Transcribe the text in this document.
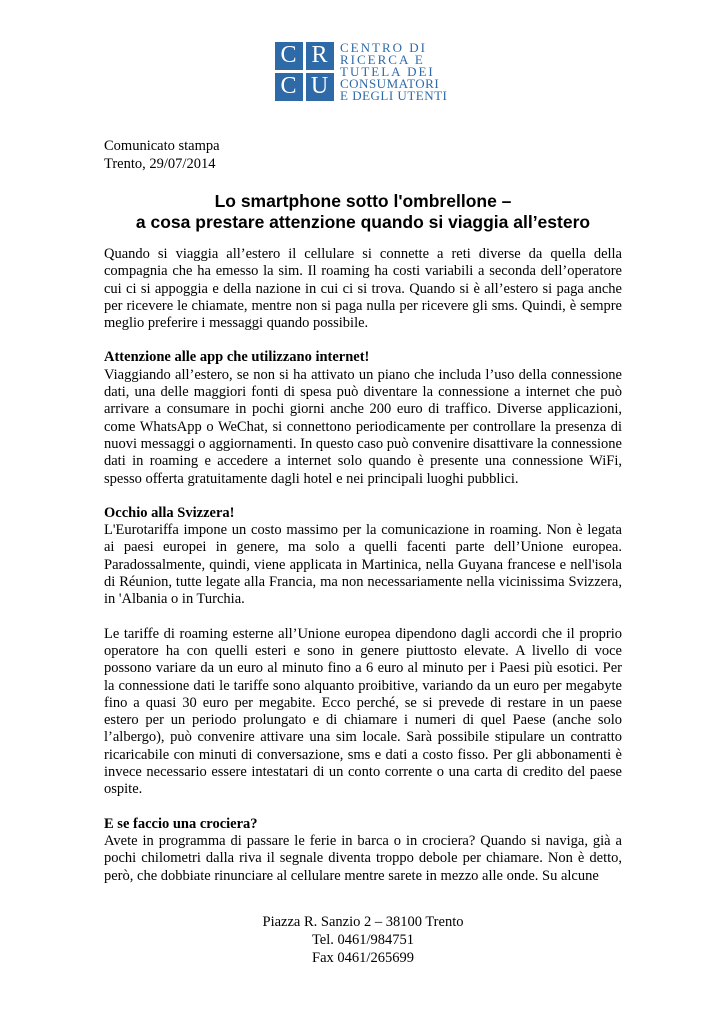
C R
C U
CENTRO DI
RICERCA E
TUTELA DEI
CONSUMATORI
E DEGLI UTENTI
Comunicato stampa
Trento, 29/07/2014
Lo smartphone sotto l'ombrellone –
a cosa prestare attenzione quando si viaggia all’estero

Quando si viaggia all’estero il cellulare si connette a reti diverse da quella della compagnia che ha emesso la sim. Il roaming ha costi variabili a seconda dell’operatore cui ci si appoggia e della nazione in cui ci si trova. Quando si è all’estero si paga anche per ricevere le chiamate, mentre non si paga nulla per ricevere gli sms. Quindi, è sempre meglio preferire i messaggi quando possibile.

Attenzione alle app che utilizzano internet!

Viaggiando all’estero, se non si ha attivato un piano che includa l’uso della connessione dati, una delle maggiori fonti di spesa può diventare la connessione a internet che può arrivare a consumare in pochi giorni anche 200 euro di traffico. Diverse applicazioni, come WhatsApp o WeChat, si connettono periodicamente per controllare la presenza di nuovi messaggi o aggiornamenti. In questo caso può convenire disattivare la connessione dati in roaming e accedere a internet solo quando è presente una connessione WiFi, spesso offerta gratuitamente dagli hotel e nei principali luoghi pubblici.

Occhio alla Svizzera!

L'Eurotariffa impone un costo massimo per la comunicazione in roaming. Non è legata ai paesi europei in genere, ma solo a quelli facenti parte dell’Unione europea. Paradossalmente, quindi, viene applicata in Martinica, nella Guyana francese e nell'isola di Réunion, tutte legate alla Francia, ma non necessariamente nella vicinissima Svizzera, in 'Albania o in Turchia.

Le tariffe di roaming esterne all’Unione europea dipendono dagli accordi che il proprio operatore ha con quelli esteri e sono in genere piuttosto elevate. A livello di voce possono variare da un euro al minuto fino a 6 euro al minuto per i Paesi più esotici. Per la connessione dati le tariffe sono alquanto proibitive, variando da un euro per megabyte fino a quasi 30 euro per megabite. Ecco perché, se si prevede di restare in un paese estero per un periodo prolungato e di chiamare i numeri di quel Paese (anche solo l’albergo), può convenire attivare una sim locale. Sarà possibile stipulare un contratto ricaricabile con minuti di conversazione, sms e dati a costo fisso. Per gli abbonamenti è invece necessario essere intestatari di un conto corrente o una carta di credito del paese ospite.

E se faccio una crociera?

Avete in programma di passare le ferie in barca o in crociera? Quando si naviga, già a pochi chilometri dalla riva il segnale diventa troppo debole per chiamare. Non è detto, però, che dobbiate rinunciare al cellulare mentre sarete in mezzo alle onde. Su alcune

Piazza R. Sanzio 2 – 38100 Trento
Tel. 0461/984751
Fax 0461/265699
